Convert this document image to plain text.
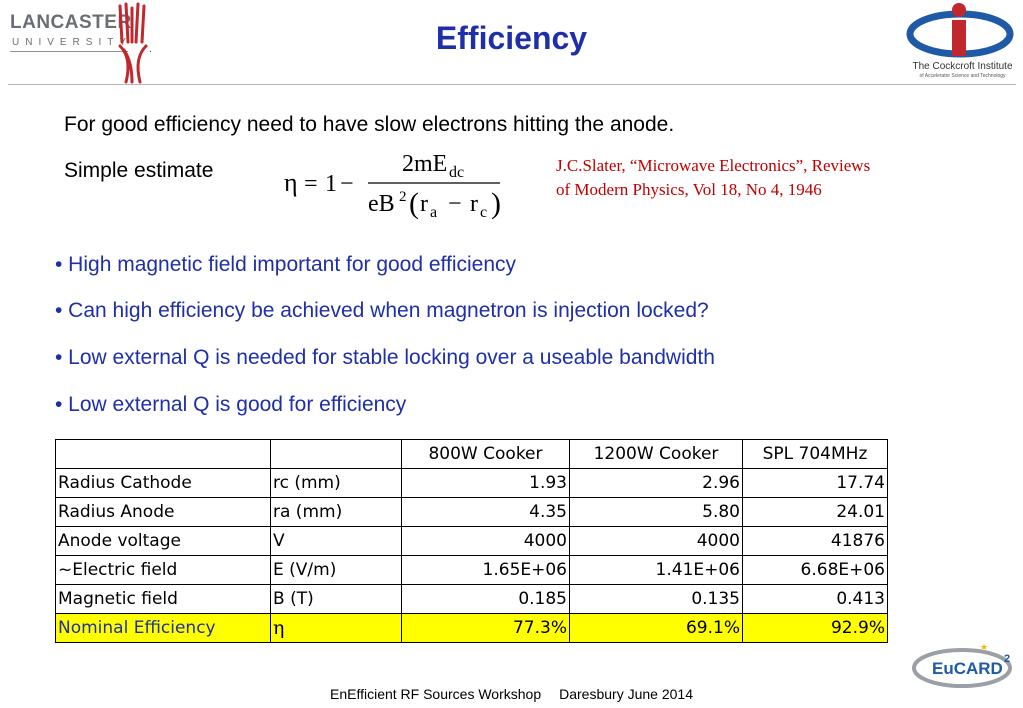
LANCASTER
UNIVERSITY
.
The Cockcroft Institute
of Accelerator Science and Technology
Efficiency
For good efficiency need to have slow electrons hitting the anode.
Simple estimate	η = 1 −
2mE dc
eB 2 ( r a − r c )
J.C.Slater, “Microwave Electronics”, Reviews
of Modern Physics, Vol 18, No 4, 1946
• High magnetic field important for good efficiency
• Can high efficiency be achieved when magnetron is injection locked?
• Low external Q is needed for stable locking over a useable bandwidth
• Low external Q is good for efficiency
		800W Cooker	1200W Cooker	SPL 704MHz
Radius Cathode	rc (mm)	1.93	2.96	17.74
Radius Anode	ra (mm)	4.35	5.80	24.01
Anode voltage	V	4000	4000	41876
~Electric field	E (V/m)	1.65E+06	1.41E+06	6.68E+06
Magnetic field	B (T)	0.185	0.135	0.413
Nominal Efficiency	η	77.3%	69.1%	92.9%
EuCARD 2
★
EnEfficient RF Sources Workshop Daresbury June 2014
